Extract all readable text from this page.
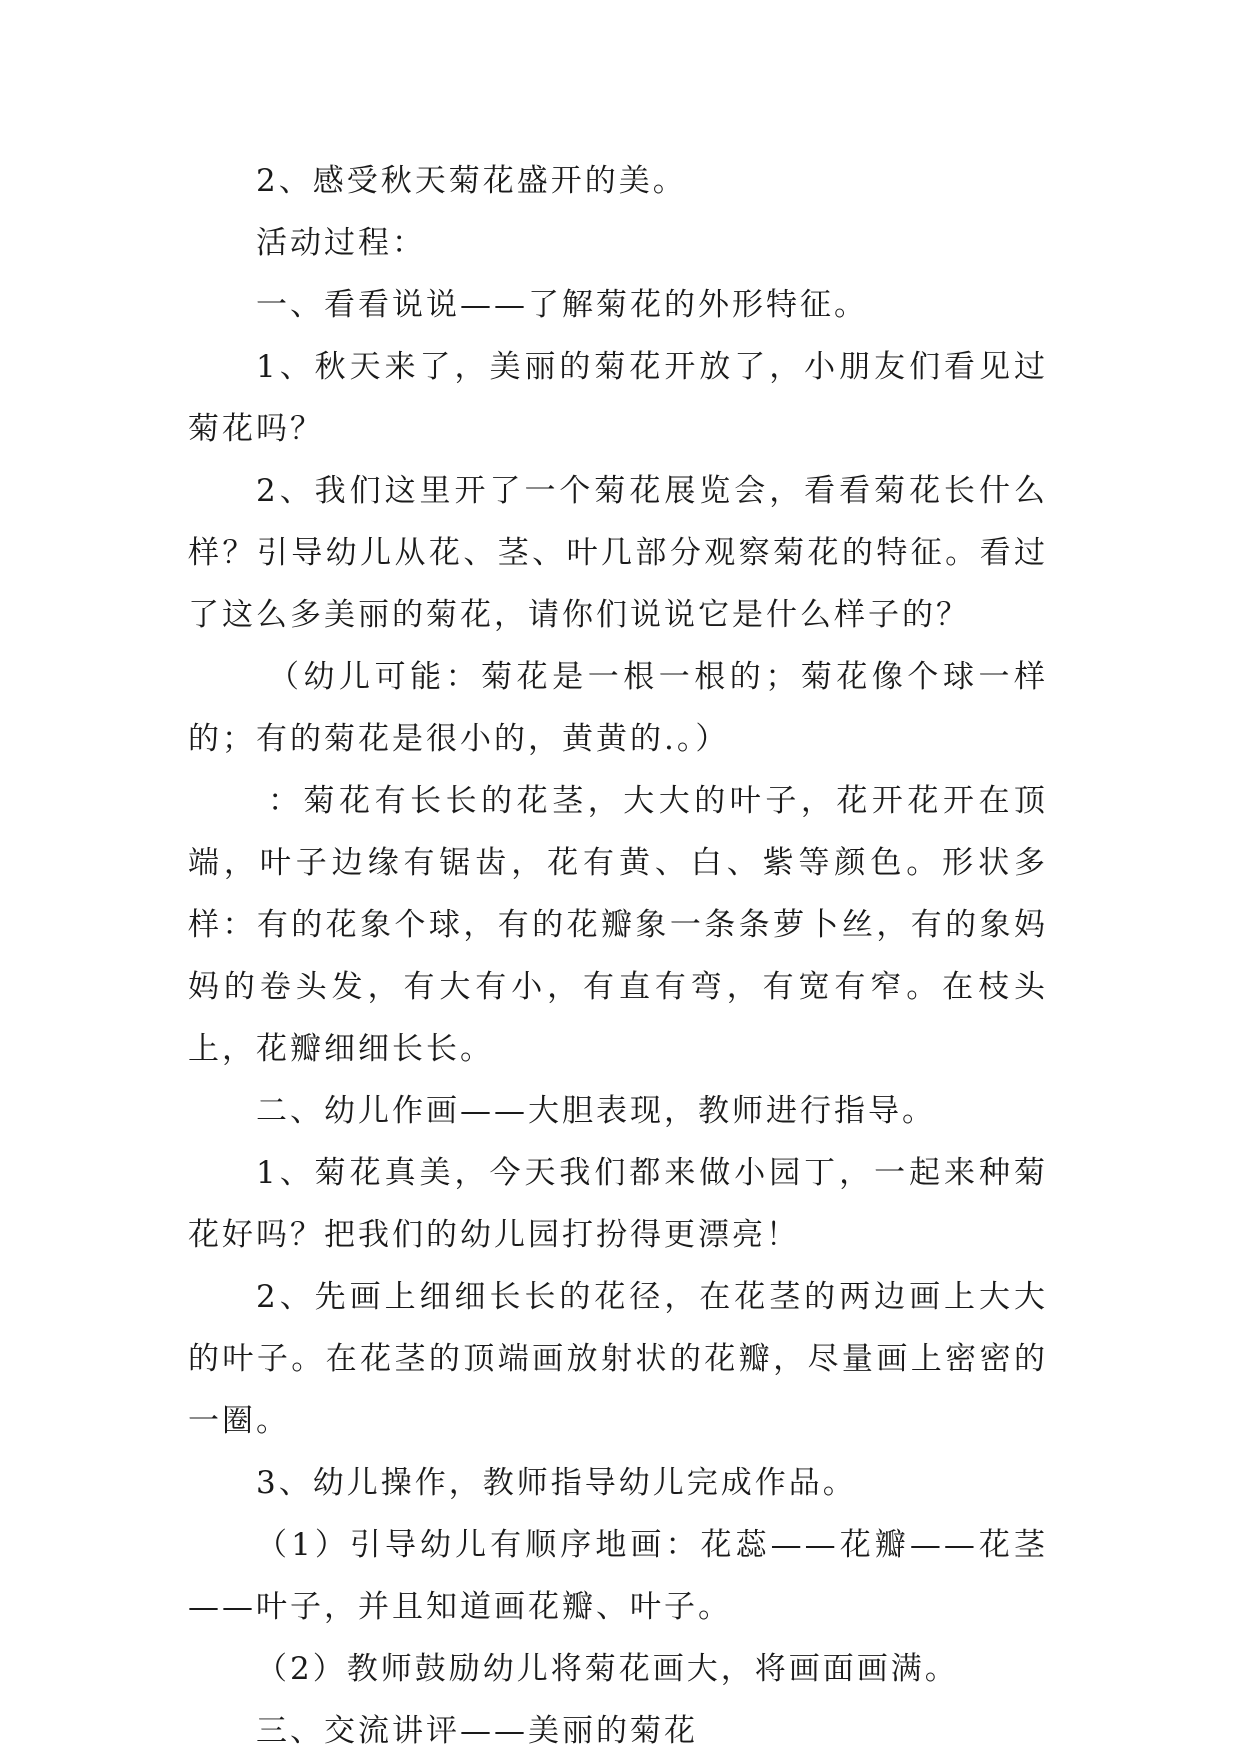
2、感受秋天菊花盛开的美。

活动过程：

一、看看说说——了解菊花的外形特征。

1、秋天来了，美丽的菊花开放了，小朋友们看见过菊花吗？

2、我们这里开了一个菊花展览会，看看菊花长什么样？引导幼儿从花、茎、叶几部分观察菊花的特征。看过了这么多美丽的菊花，请你们说说它是什么样子的？

（幼儿可能：菊花是一根一根的；菊花像个球一样的；有的菊花是很小的，黄黄的.。）

：菊花有长长的花茎，大大的叶子，花开花开在顶端，叶子边缘有锯齿，花有黄、白、紫等颜色。形状多样：有的花象个球，有的花瓣象一条条萝卜丝，有的象妈妈的卷头发，有大有小，有直有弯，有宽有窄。在枝头上，花瓣细细长长。

二、幼儿作画——大胆表现，教师进行指导。

1、菊花真美，今天我们都来做小园丁，一起来种菊花好吗？把我们的幼儿园打扮得更漂亮！

2、先画上细细长长的花径，在花茎的两边画上大大的叶子。在花茎的顶端画放射状的花瓣，尽量画上密密的一圈。

3、幼儿操作，教师指导幼儿完成作品。

（1）引导幼儿有顺序地画：花蕊——花瓣——花茎——叶子，并且知道画花瓣、叶子。

（2）教师鼓励幼儿将菊花画大，将画面画满。

三、交流讲评——美丽的菊花
